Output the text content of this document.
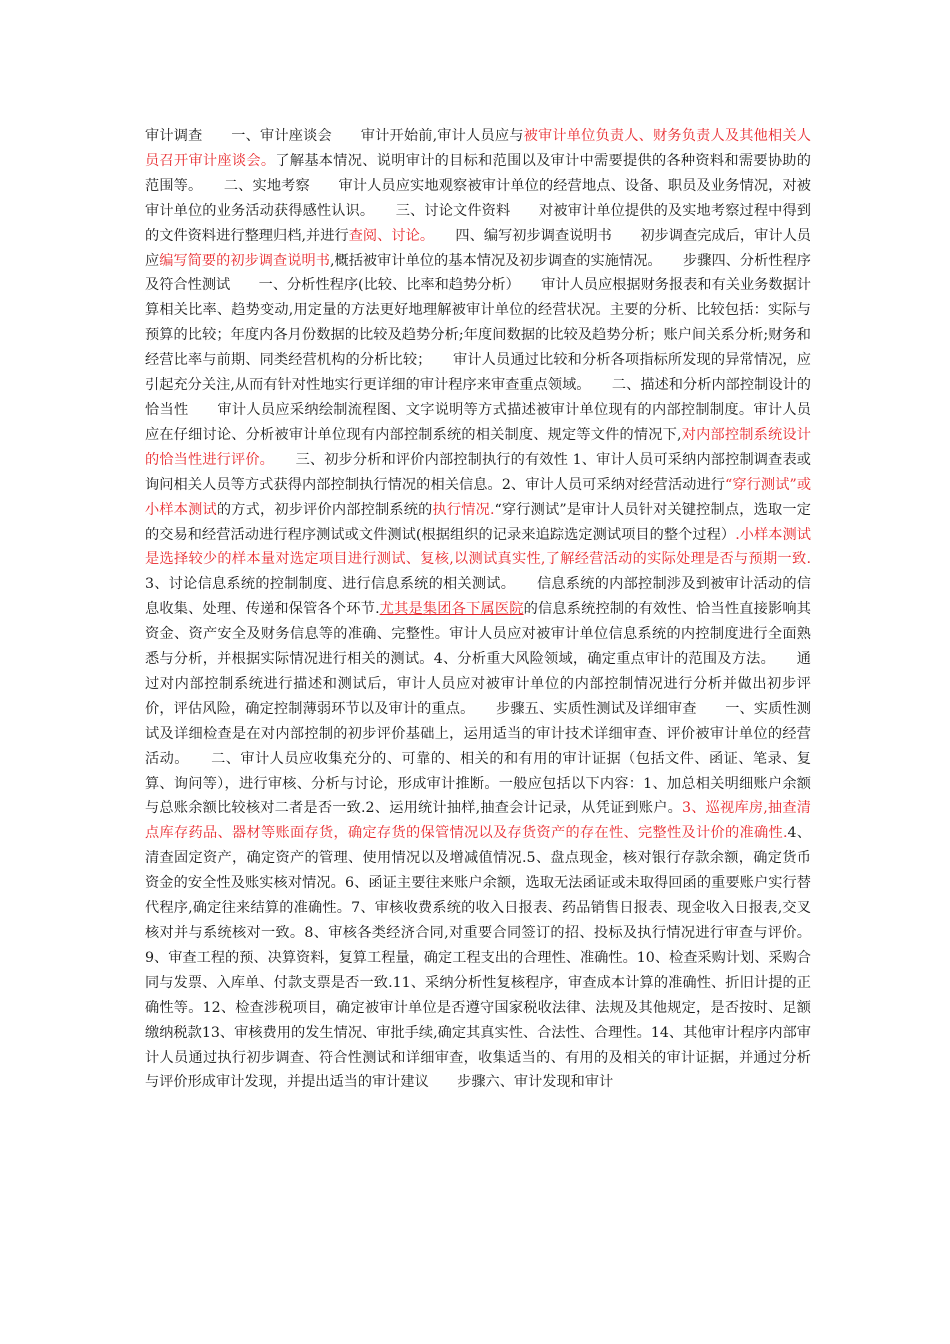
审计调查　　一、审计座谈会　　审计开始前,审计人员应与被审计单位负责人、财务负责人及其他相关人员召开审计座谈会。了解基本情况、说明审计的目标和范围以及审计中需要提供的各种资料和需要协助的范围等。　　二、实地考察　　审计人员应实地观察被审计单位的经营地点、设备、职员及业务情况，对被审计单位的业务活动获得感性认识。　　三、讨论文件资料　　对被审计单位提供的及实地考察过程中得到的文件资料进行整理归档,并进行查阅、讨论。　　四、编写初步调查说明书　　初步调查完成后，审计人员应编写简要的初步调查说明书,概括被审计单位的基本情况及初步调查的实施情况。　　步骤四、分析性程序及符合性测试　　一、分析性程序(比较、比率和趋势分析）　　审计人员应根据财务报表和有关业务数据计算相关比率、趋势变动,用定量的方法更好地理解被审计单位的经营状况。主要的分析、比较包括：实际与预算的比较；年度内各月份数据的比较及趋势分析;年度间数据的比较及趋势分析；账户间关系分析;财务和经营比率与前期、同类经营机构的分析比较；　　审计人员通过比较和分析各项指标所发现的异常情况，应引起充分关注,从而有针对性地实行更详细的审计程序来审查重点领域。　　二、描述和分析内部控制设计的恰当性　　审计人员应采纳绘制流程图、文字说明等方式描述被审计单位现有的内部控制制度。审计人员应在仔细讨论、分析被审计单位现有内部控制系统的相关制度、规定等文件的情况下,对内部控制系统设计的恰当性进行评价。　　三、初步分析和评价内部控制执行的有效性 1、审计人员可采纳内部控制调查表或询问相关人员等方式获得内部控制执行情况的相关信息。2、审计人员可采纳对经营活动进行“穿行测试”或小样本测试的方式，初步评价内部控制系统的执行情况.“穿行测试”是审计人员针对关键控制点，选取一定的交易和经营活动进行程序测试或文件测试(根据组织的记录来追踪选定测试项目的整个过程）.小样本测试是选择较少的样本量对选定项目进行测试、复核,以测试真实性,了解经营活动的实际处理是否与预期一致.3、讨论信息系统的控制制度、进行信息系统的相关测试。　　信息系统的内部控制涉及到被审计活动的信息收集、处理、传递和保管各个环节.尤其是集团各下属医院的信息系统控制的有效性、恰当性直接影响其资金、资产安全及财务信息等的准确、完整性。审计人员应对被审计单位信息系统的内控制度进行全面熟悉与分析，并根据实际情况进行相关的测试。4、分析重大风险领域，确定重点审计的范围及方法。　　通过对内部控制系统进行描述和测试后，审计人员应对被审计单位的内部控制情况进行分析并做出初步评价，评估风险，确定控制薄弱环节以及审计的重点。　　步骤五、实质性测试及详细审查　　一、实质性测试及详细检查是在对内部控制的初步评价基础上，运用适当的审计技术详细审查、评价被审计单位的经营活动。　　二、审计人员应收集充分的、可靠的、相关的和有用的审计证据（包括文件、函证、笔录、复算、询问等），进行审核、分析与讨论，形成审计推断。一般应包括以下内容：1、加总相关明细账户余额与总账余额比较核对二者是否一致.2、运用统计抽样,抽查会计记录，从凭证到账户。3、巡视库房,抽查清点库存药品、器材等账面存货，确定存货的保管情况以及存货资产的存在性、完整性及计价的准确性.4、清查固定资产，确定资产的管理、使用情况以及增减值情况.5、盘点现金，核对银行存款余额，确定货币资金的安全性及账实核对情况。6、函证主要往来账户余额，选取无法函证或未取得回函的重要账户实行替代程序,确定往来结算的准确性。7、审核收费系统的收入日报表、药品销售日报表、现金收入日报表,交叉核对并与系统核对一致。8、审核各类经济合同,对重要合同签订的招、投标及执行情况进行审查与评价。9、审查工程的预、决算资料，复算工程量，确定工程支出的合理性、准确性。10、检查采购计划、采购合同与发票、入库单、付款支票是否一致.11、采纳分析性复核程序，审查成本计算的准确性、折旧计提的正确性等。12、检查涉税项目，确定被审计单位是否遵守国家税收法律、法规及其他规定，是否按时、足额缴纳税款13、审核费用的发生情况、审批手续,确定其真实性、合法性、合理性。14、其他审计程序内部审计人员通过执行初步调查、符合性测试和详细审查，收集适当的、有用的及相关的审计证据，并通过分析与评价形成审计发现，并提出适当的审计建议　　步骤六、审计发现和审计
